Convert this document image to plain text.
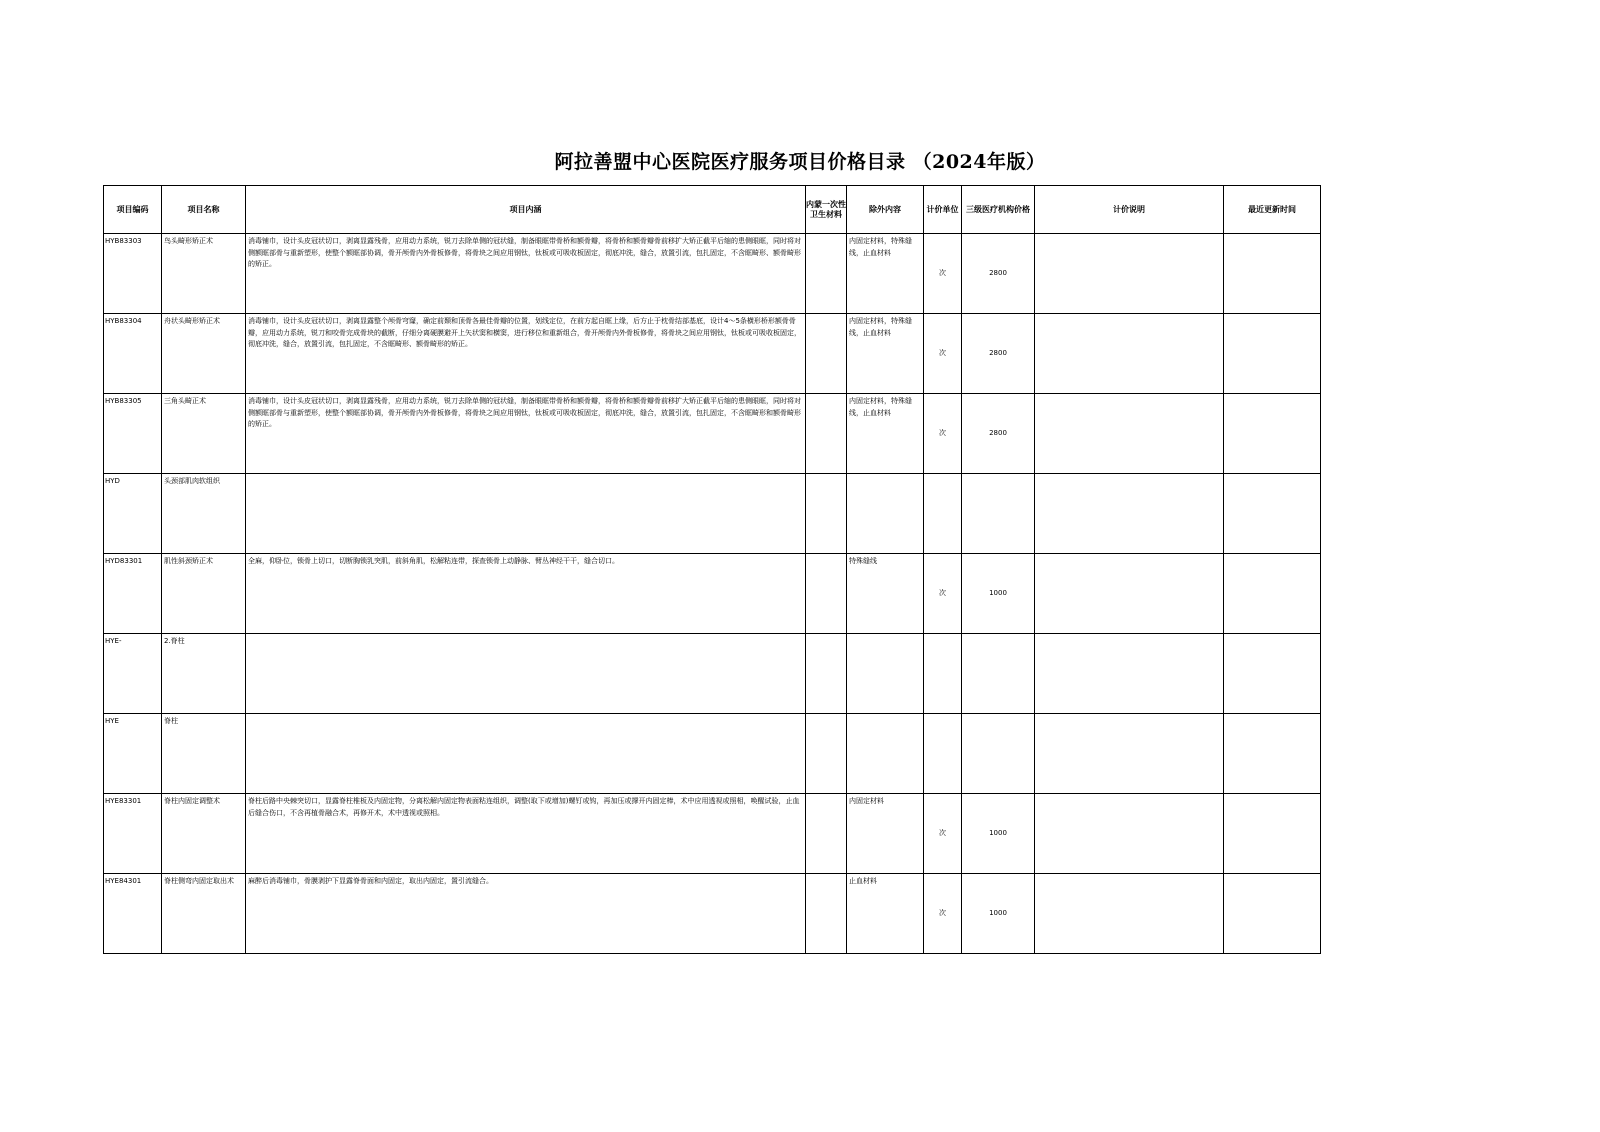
阿拉善盟中心医院医疗服务项目价格目录 （2024年版）
项目编码	项目名称	项目内涵	内蒙一次性卫生材料	除外内容	计价单位	三级医疗机构价格	计价说明	最近更新时间
HYB83303	鸟头畸形矫正术	消毒铺巾，设计头皮冠状切口，剥离显露残骨，应用动力系统，锐刀去除单侧的冠状缝，制备眼眶带骨桥和额骨瓣，将骨桥和额骨瓣骨前移扩大矫正截平后缩的患侧眼眶，同时将对侧额眶部骨与重新塑形，使整个额眶部协调，骨开颅骨内外骨板修骨，将骨块之间应用钢钛，钛板或可吸收板固定，彻底冲洗，缝合，放置引流，包扎固定，不含眶畸形、额骨畸形的矫正。		内固定材料，特殊缝线，止血材料	次	2800		
HYB83304	舟状头畸形矫正术	消毒铺巾，设计头皮冠状切口，剥离显露整个颅骨穹窿，确定前颞和顶骨各最佳骨瓣的位置，划线定位，在前方起自眶上缘，后方止于枕骨结部基底，设计4～5条横形桥形额骨骨瓣，应用动力系统，锐刀和咬骨完成骨块的截断，仔细分离硬膜避开上矢状窦和横窦，进行移位和重新组合，骨开颅骨内外骨板修骨，将骨块之间应用钢钛，钛板或可吸收板固定，彻底冲洗，缝合，放置引流，包扎固定，不含眶畸形、额骨畸形的矫正。		内固定材料，特殊缝线，止血材料	次	2800		
HYB83305	三角头畸正术	消毒铺巾，设计头皮冠状切口，剥离显露残骨，应用动力系统，锐刀去除单侧的冠状缝，制备眼眶带骨桥和额骨瓣，将骨桥和额骨瓣骨前移扩大矫正截平后缩的患侧眼眶，同时将对侧额眶部骨与重新塑形，使整个额眶部协调，骨开颅骨内外骨板修骨，将骨块之间应用钢钛，钛板或可吸收板固定，彻底冲洗，缝合，放置引流，包扎固定，不含眶畸形和额骨畸形的矫正。		内固定材料，特殊缝线，止血材料	次	2800		
HYD	头颈部肌肉软组织							
HYD83301	肌性斜颈矫正术	全麻，仰卧位，锁骨上切口，切断胸锁乳突肌，前斜角肌，松解粘连带，探查锁骨上动静脉、臂丛神经干干，缝合切口。		特殊缝线	次	1000		
HYE-	2.脊柱							
HYE	脊柱							
HYE83301	脊柱内固定调整术	脊柱后路中央棘突切口，显露脊柱椎板及内固定物，分离松解内固定物表面粘连组织，调整(取下或增加)螺钉或钩，再加压或撑开内固定棒，术中应用透视或照相，唤醒试验，止血后缝合伤口，不含再植骨融合术，再修开术，术中透视或照相。		内固定材料	次	1000		
HYE84301	脊柱侧弯内固定取出术	麻醉后消毒铺巾，骨膜剥护下显露脊骨面和内固定，取出内固定，置引流缝合。		止血材料	次	1000		
